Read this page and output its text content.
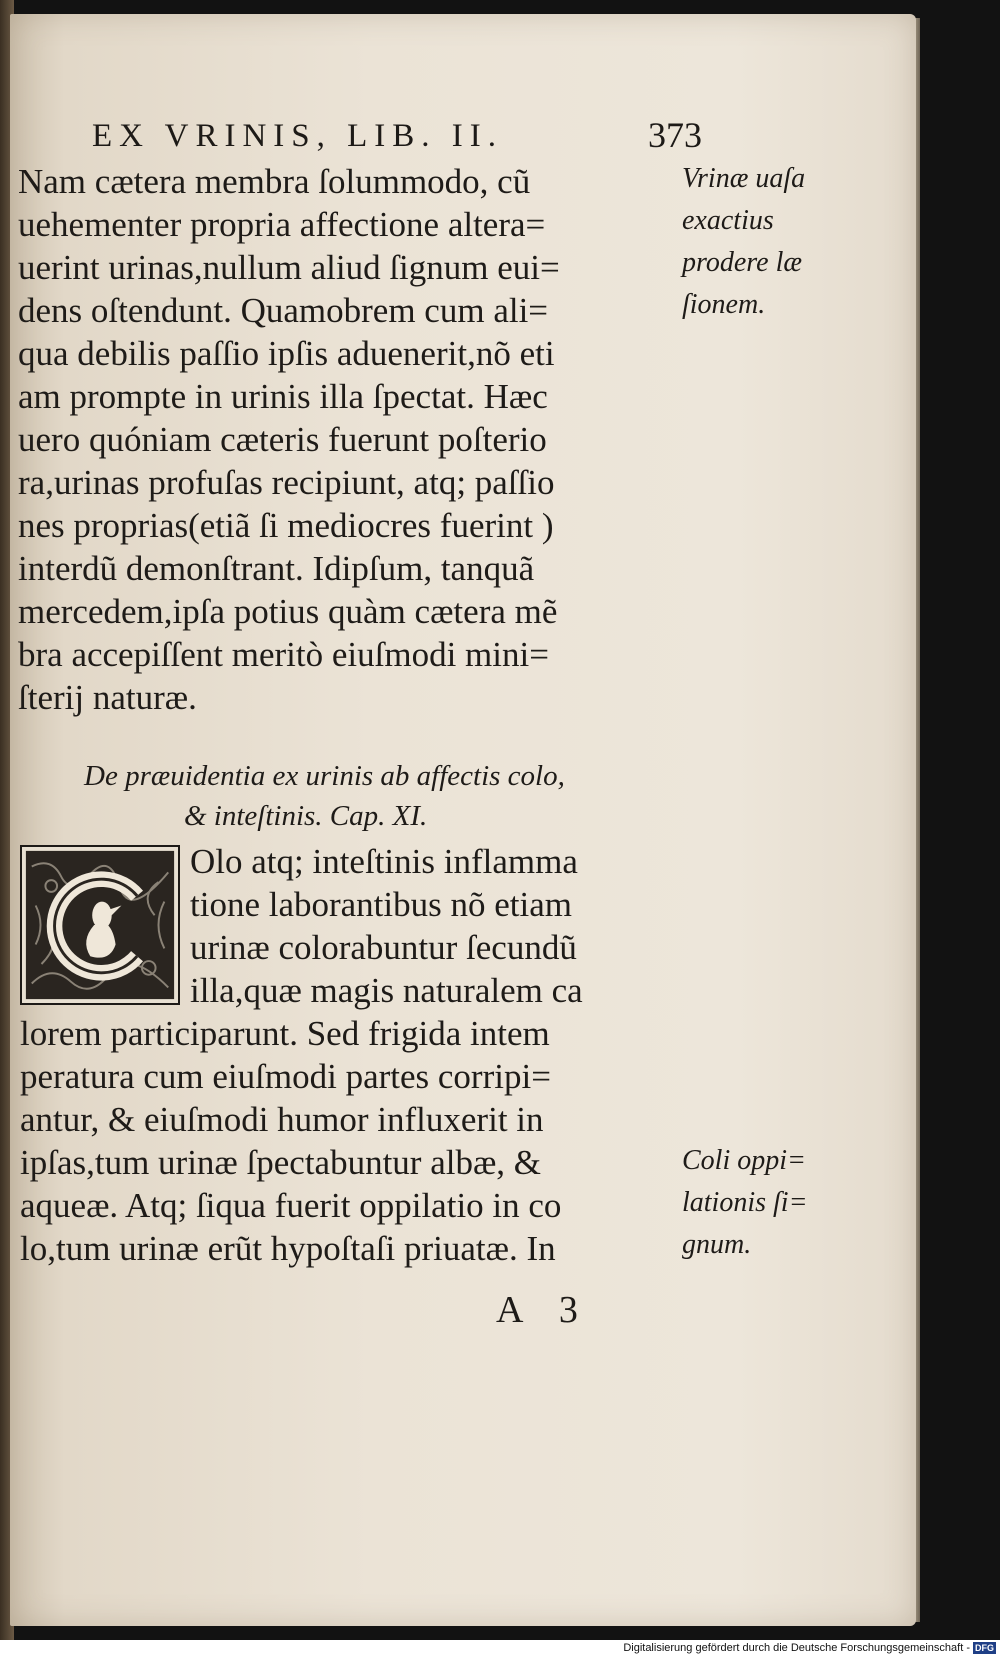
EX VRINIS, LIB. II.	373
Nam cætera membra ſolummodo, cũ
uehementer propria affectione altera=
uerint urinas,nullum aliud ſignum eui=
dens oſtendunt. Quamobrem cum ali=
qua debilis paſſio ipſis aduenerit,nõ eti
am prompte in urinis illa ſpectat. Hæc
uero quóniam cæteris fuerunt poſterio
ra,urinas profuſas recipiunt, atq; paſſio
nes proprias(etiã ſi mediocres fuerint )
interdũ demonſtrant. Idipſum, tanquã
mercedem,ipſa potius quàm cætera mẽ
bra accepiſſent meritò eiuſmodi mini=
ſterij naturæ.
De præuidentia ex urinis ab affectis colo,
& inteſtinis. Cap. XI.
C	Olo atq; inteſtinis inflamma
tione laborantibus nõ etiam
urinæ colorabuntur ſecundũ
illa,quæ magis naturalem ca
lorem participarunt. Sed frigida intem
peratura cum eiuſmodi partes corripi=
antur, & eiuſmodi humor influxerit in
ipſas,tum urinæ ſpectabuntur albæ, &
aqueæ. Atq; ſiqua fuerit oppilatio in co
lo,tum urinæ erũt hypoſtaſi priuatæ. In
Vrinæ uaſa
exactius
prodere læ
ſionem.
Coli oppi=
lationis ſi=
gnum.
A 3
Digitalisierung gefördert durch die Deutsche Forschungsgemeinschaft - DFG
